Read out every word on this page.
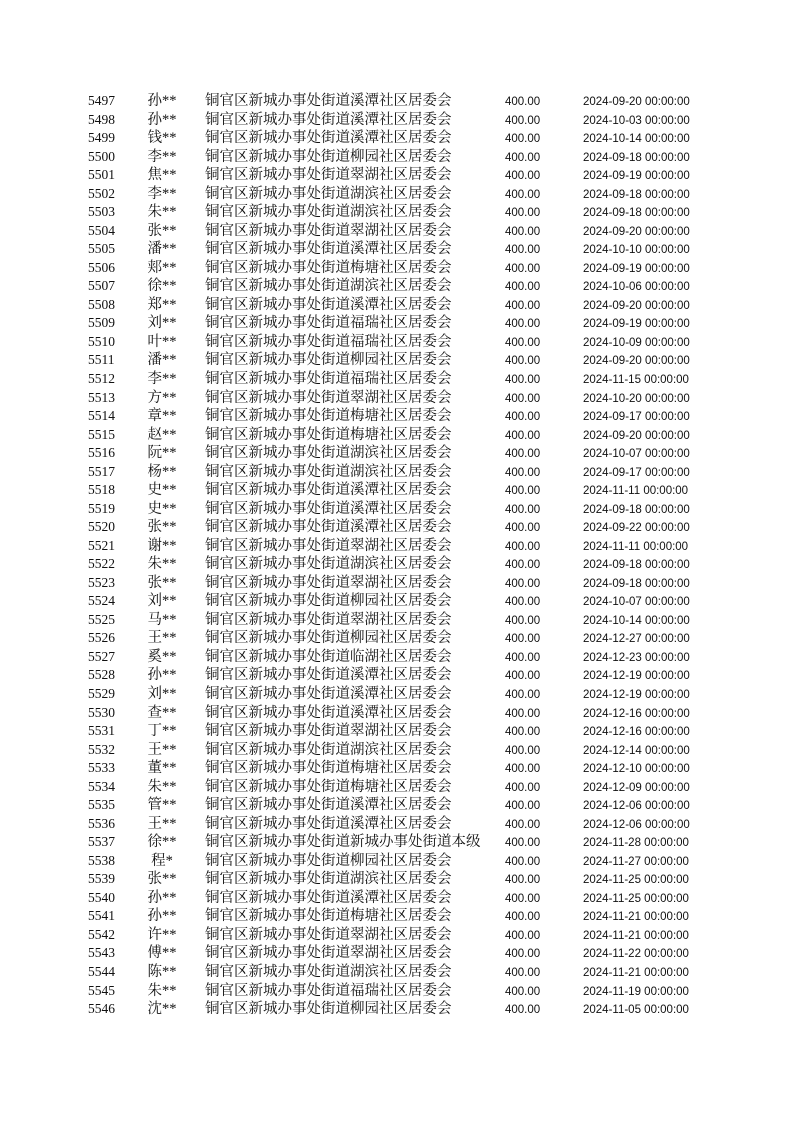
5497	孙**	铜官区新城办事处街道溪潭社区居委会	400.00	2024-09-20 00:00:00
5498	孙**	铜官区新城办事处街道溪潭社区居委会	400.00	2024-10-03 00:00:00
5499	钱**	铜官区新城办事处街道溪潭社区居委会	400.00	2024-10-14 00:00:00
5500	李**	铜官区新城办事处街道柳园社区居委会	400.00	2024-09-18 00:00:00
5501	焦**	铜官区新城办事处街道翠湖社区居委会	400.00	2024-09-19 00:00:00
5502	李**	铜官区新城办事处街道湖滨社区居委会	400.00	2024-09-18 00:00:00
5503	朱**	铜官区新城办事处街道湖滨社区居委会	400.00	2024-09-18 00:00:00
5504	张**	铜官区新城办事处街道翠湖社区居委会	400.00	2024-09-20 00:00:00
5505	潘**	铜官区新城办事处街道溪潭社区居委会	400.00	2024-10-10 00:00:00
5506	郏**	铜官区新城办事处街道梅塘社区居委会	400.00	2024-09-19 00:00:00
5507	徐**	铜官区新城办事处街道湖滨社区居委会	400.00	2024-10-06 00:00:00
5508	郑**	铜官区新城办事处街道溪潭社区居委会	400.00	2024-09-20 00:00:00
5509	刘**	铜官区新城办事处街道福瑞社区居委会	400.00	2024-09-19 00:00:00
5510	叶**	铜官区新城办事处街道福瑞社区居委会	400.00	2024-10-09 00:00:00
5511	潘**	铜官区新城办事处街道柳园社区居委会	400.00	2024-09-20 00:00:00
5512	李**	铜官区新城办事处街道福瑞社区居委会	400.00	2024-11-15 00:00:00
5513	方**	铜官区新城办事处街道翠湖社区居委会	400.00	2024-10-20 00:00:00
5514	章**	铜官区新城办事处街道梅塘社区居委会	400.00	2024-09-17 00:00:00
5515	赵**	铜官区新城办事处街道梅塘社区居委会	400.00	2024-09-20 00:00:00
5516	阮**	铜官区新城办事处街道湖滨社区居委会	400.00	2024-10-07 00:00:00
5517	杨**	铜官区新城办事处街道湖滨社区居委会	400.00	2024-09-17 00:00:00
5518	史**	铜官区新城办事处街道溪潭社区居委会	400.00	2024-11-11 00:00:00
5519	史**	铜官区新城办事处街道溪潭社区居委会	400.00	2024-09-18 00:00:00
5520	张**	铜官区新城办事处街道溪潭社区居委会	400.00	2024-09-22 00:00:00
5521	谢**	铜官区新城办事处街道翠湖社区居委会	400.00	2024-11-11 00:00:00
5522	朱**	铜官区新城办事处街道湖滨社区居委会	400.00	2024-09-18 00:00:00
5523	张**	铜官区新城办事处街道翠湖社区居委会	400.00	2024-09-18 00:00:00
5524	刘**	铜官区新城办事处街道柳园社区居委会	400.00	2024-10-07 00:00:00
5525	马**	铜官区新城办事处街道翠湖社区居委会	400.00	2024-10-14 00:00:00
5526	王**	铜官区新城办事处街道柳园社区居委会	400.00	2024-12-27 00:00:00
5527	奚**	铜官区新城办事处街道临湖社区居委会	400.00	2024-12-23 00:00:00
5528	孙**	铜官区新城办事处街道溪潭社区居委会	400.00	2024-12-19 00:00:00
5529	刘**	铜官区新城办事处街道溪潭社区居委会	400.00	2024-12-19 00:00:00
5530	查**	铜官区新城办事处街道溪潭社区居委会	400.00	2024-12-16 00:00:00
5531	丁**	铜官区新城办事处街道翠湖社区居委会	400.00	2024-12-16 00:00:00
5532	王**	铜官区新城办事处街道湖滨社区居委会	400.00	2024-12-14 00:00:00
5533	董**	铜官区新城办事处街道梅塘社区居委会	400.00	2024-12-10 00:00:00
5534	朱**	铜官区新城办事处街道梅塘社区居委会	400.00	2024-12-09 00:00:00
5535	管**	铜官区新城办事处街道溪潭社区居委会	400.00	2024-12-06 00:00:00
5536	王**	铜官区新城办事处街道溪潭社区居委会	400.00	2024-12-06 00:00:00
5537	徐**	铜官区新城办事处街道新城办事处街道本级	400.00	2024-11-28 00:00:00
5538	程*	铜官区新城办事处街道柳园社区居委会	400.00	2024-11-27 00:00:00
5539	张**	铜官区新城办事处街道湖滨社区居委会	400.00	2024-11-25 00:00:00
5540	孙**	铜官区新城办事处街道溪潭社区居委会	400.00	2024-11-25 00:00:00
5541	孙**	铜官区新城办事处街道梅塘社区居委会	400.00	2024-11-21 00:00:00
5542	许**	铜官区新城办事处街道翠湖社区居委会	400.00	2024-11-21 00:00:00
5543	傅**	铜官区新城办事处街道翠湖社区居委会	400.00	2024-11-22 00:00:00
5544	陈**	铜官区新城办事处街道湖滨社区居委会	400.00	2024-11-21 00:00:00
5545	朱**	铜官区新城办事处街道福瑞社区居委会	400.00	2024-11-19 00:00:00
5546	沈**	铜官区新城办事处街道柳园社区居委会	400.00	2024-11-05 00:00:00
